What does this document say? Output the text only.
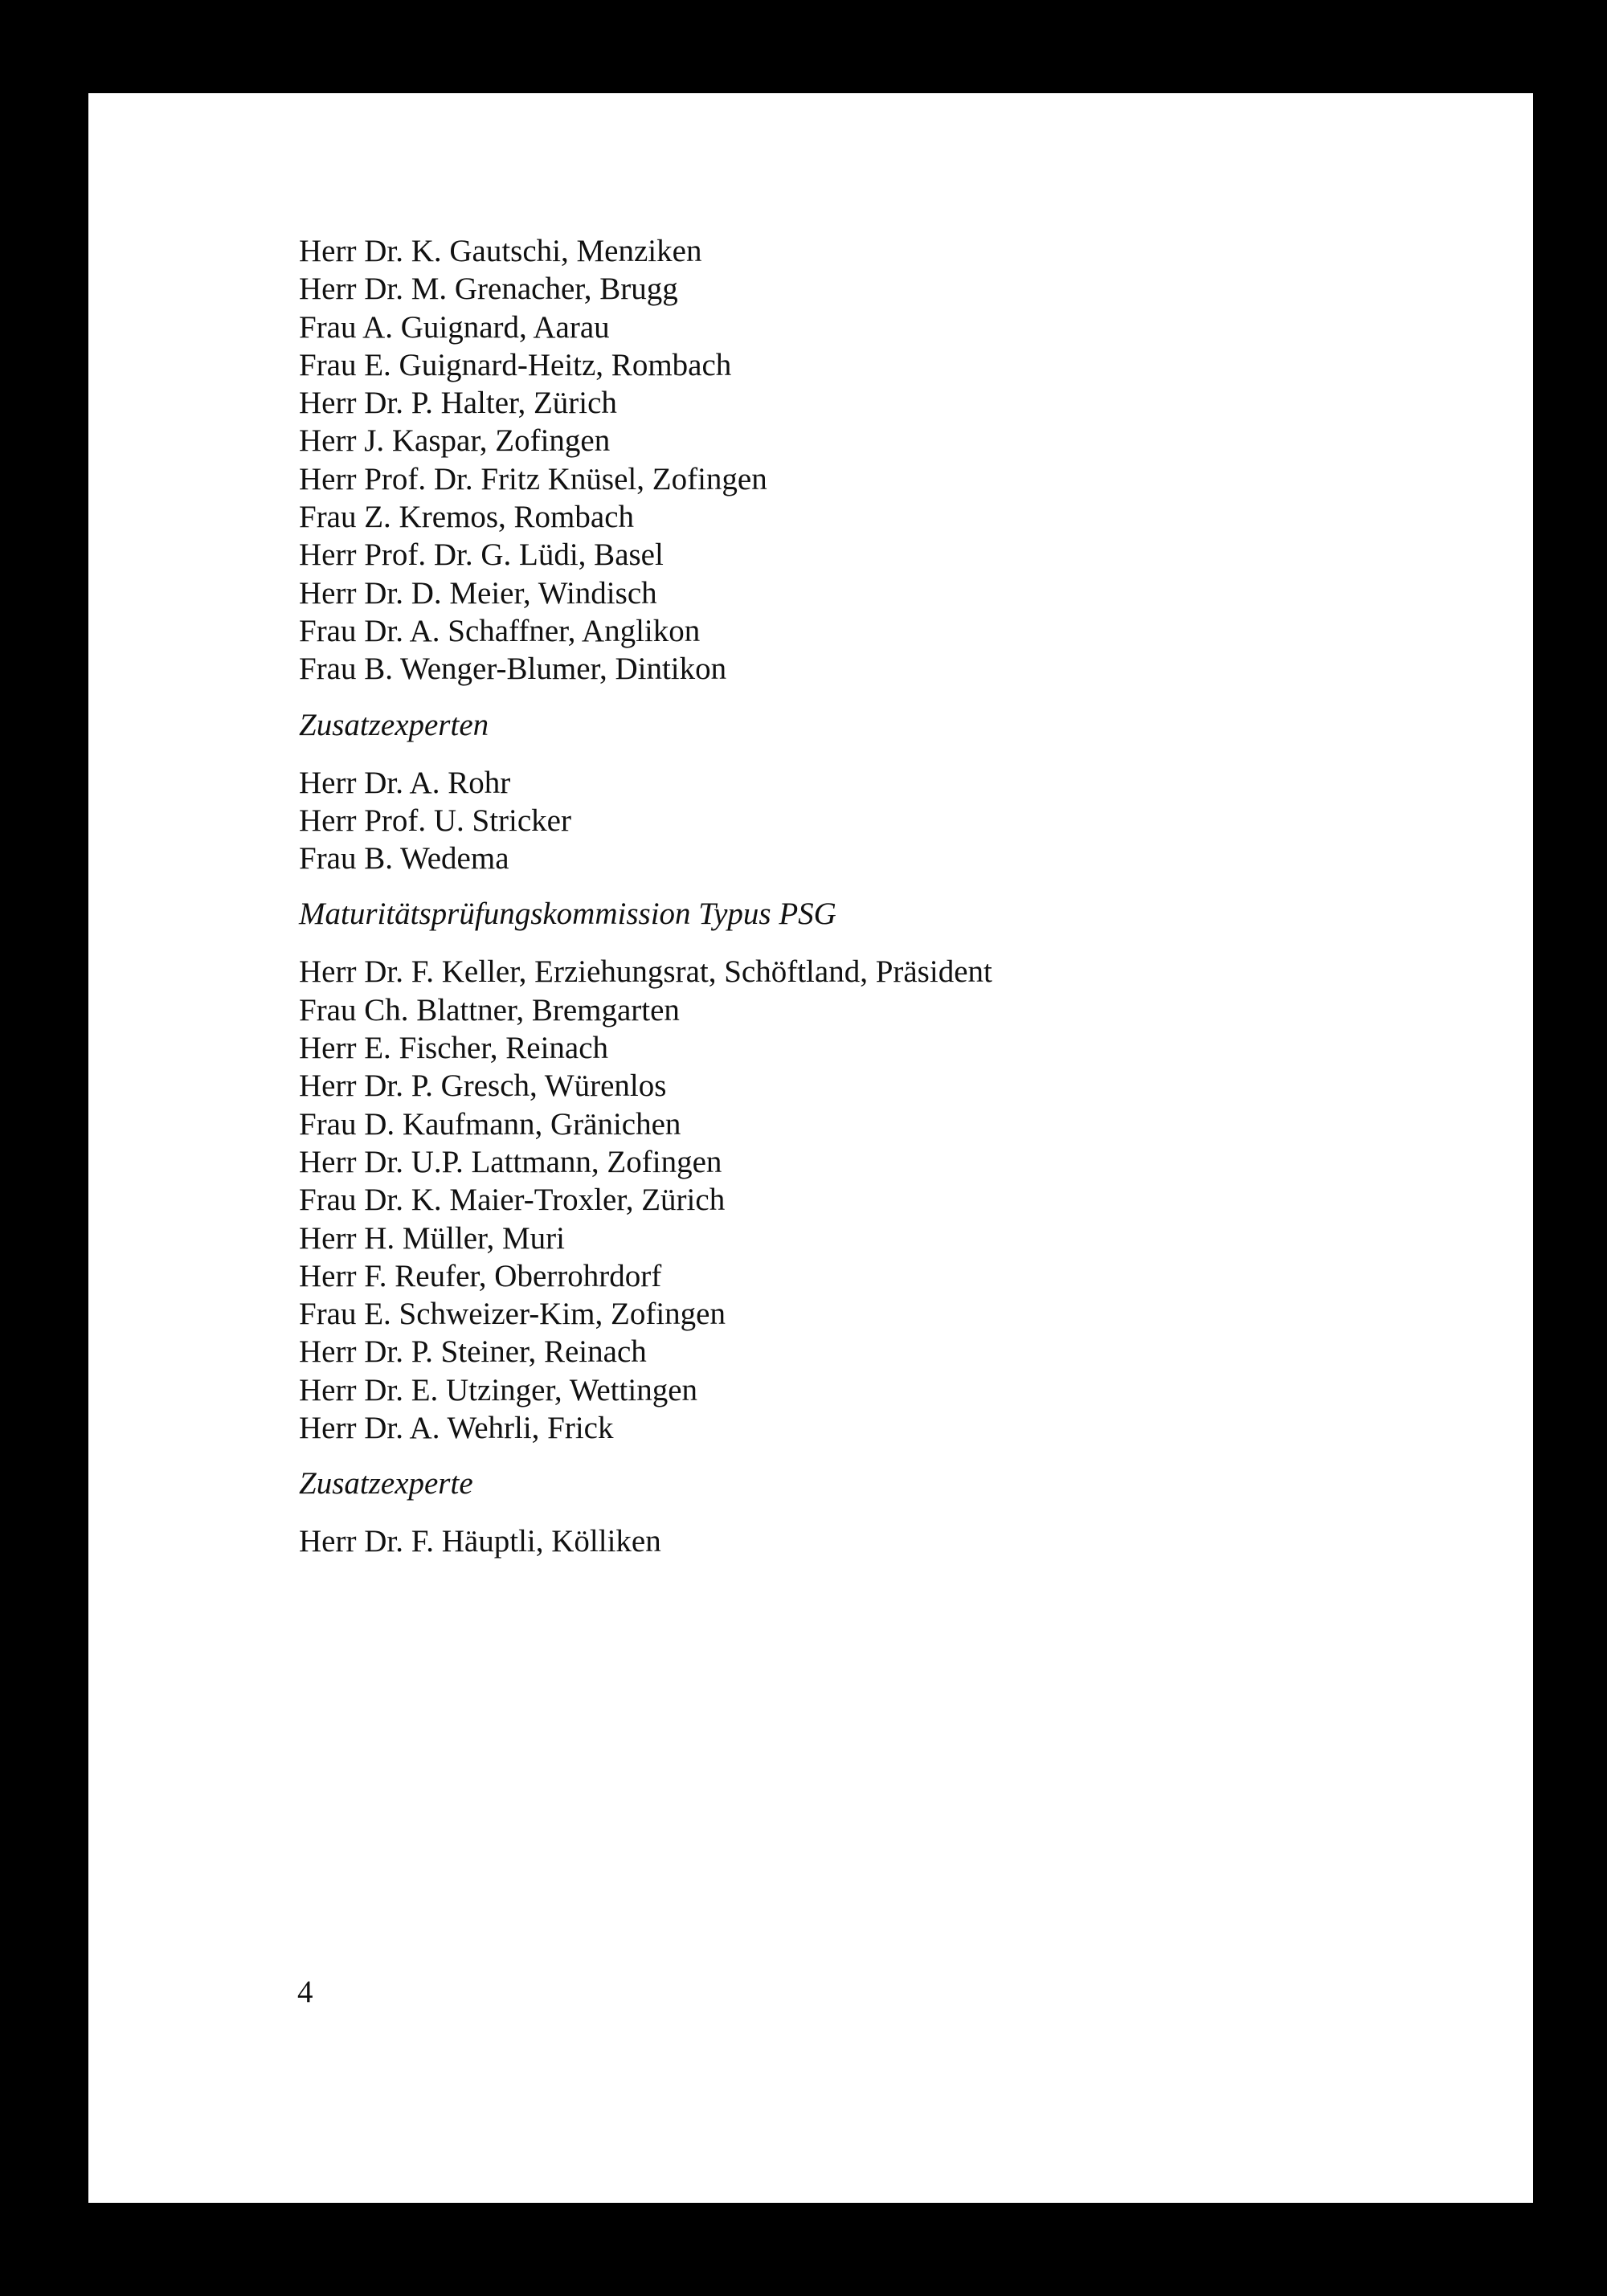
Herr Dr. K. Gautschi, Menziken
Herr Dr. M. Grenacher, Brugg
Frau A. Guignard, Aarau
Frau E. Guignard-Heitz, Rombach
Herr Dr. P. Halter, Zürich
Herr J. Kaspar, Zofingen
Herr Prof. Dr. Fritz Knüsel, Zofingen
Frau Z. Kremos, Rombach
Herr Prof. Dr. G. Lüdi, Basel
Herr Dr. D. Meier, Windisch
Frau Dr. A. Schaffner, Anglikon
Frau B. Wenger-Blumer, Dintikon
Zusatzexperten
Herr Dr. A. Rohr
Herr Prof. U. Stricker
Frau B. Wedema
Maturitätsprüfungskommission Typus PSG
Herr Dr. F. Keller, Erziehungsrat, Schöftland, Präsident
Frau Ch. Blattner, Bremgarten
Herr E. Fischer, Reinach
Herr Dr. P. Gresch, Würenlos
Frau D. Kaufmann, Gränichen
Herr Dr. U.P. Lattmann, Zofingen
Frau Dr. K. Maier-Troxler, Zürich
Herr H. Müller, Muri
Herr F. Reufer, Oberrohrdorf
Frau E. Schweizer-Kim, Zofingen
Herr Dr. P. Steiner, Reinach
Herr Dr. E. Utzinger, Wettingen
Herr Dr. A. Wehrli, Frick
Zusatzexperte
Herr Dr. F. Häuptli, Kölliken
4
